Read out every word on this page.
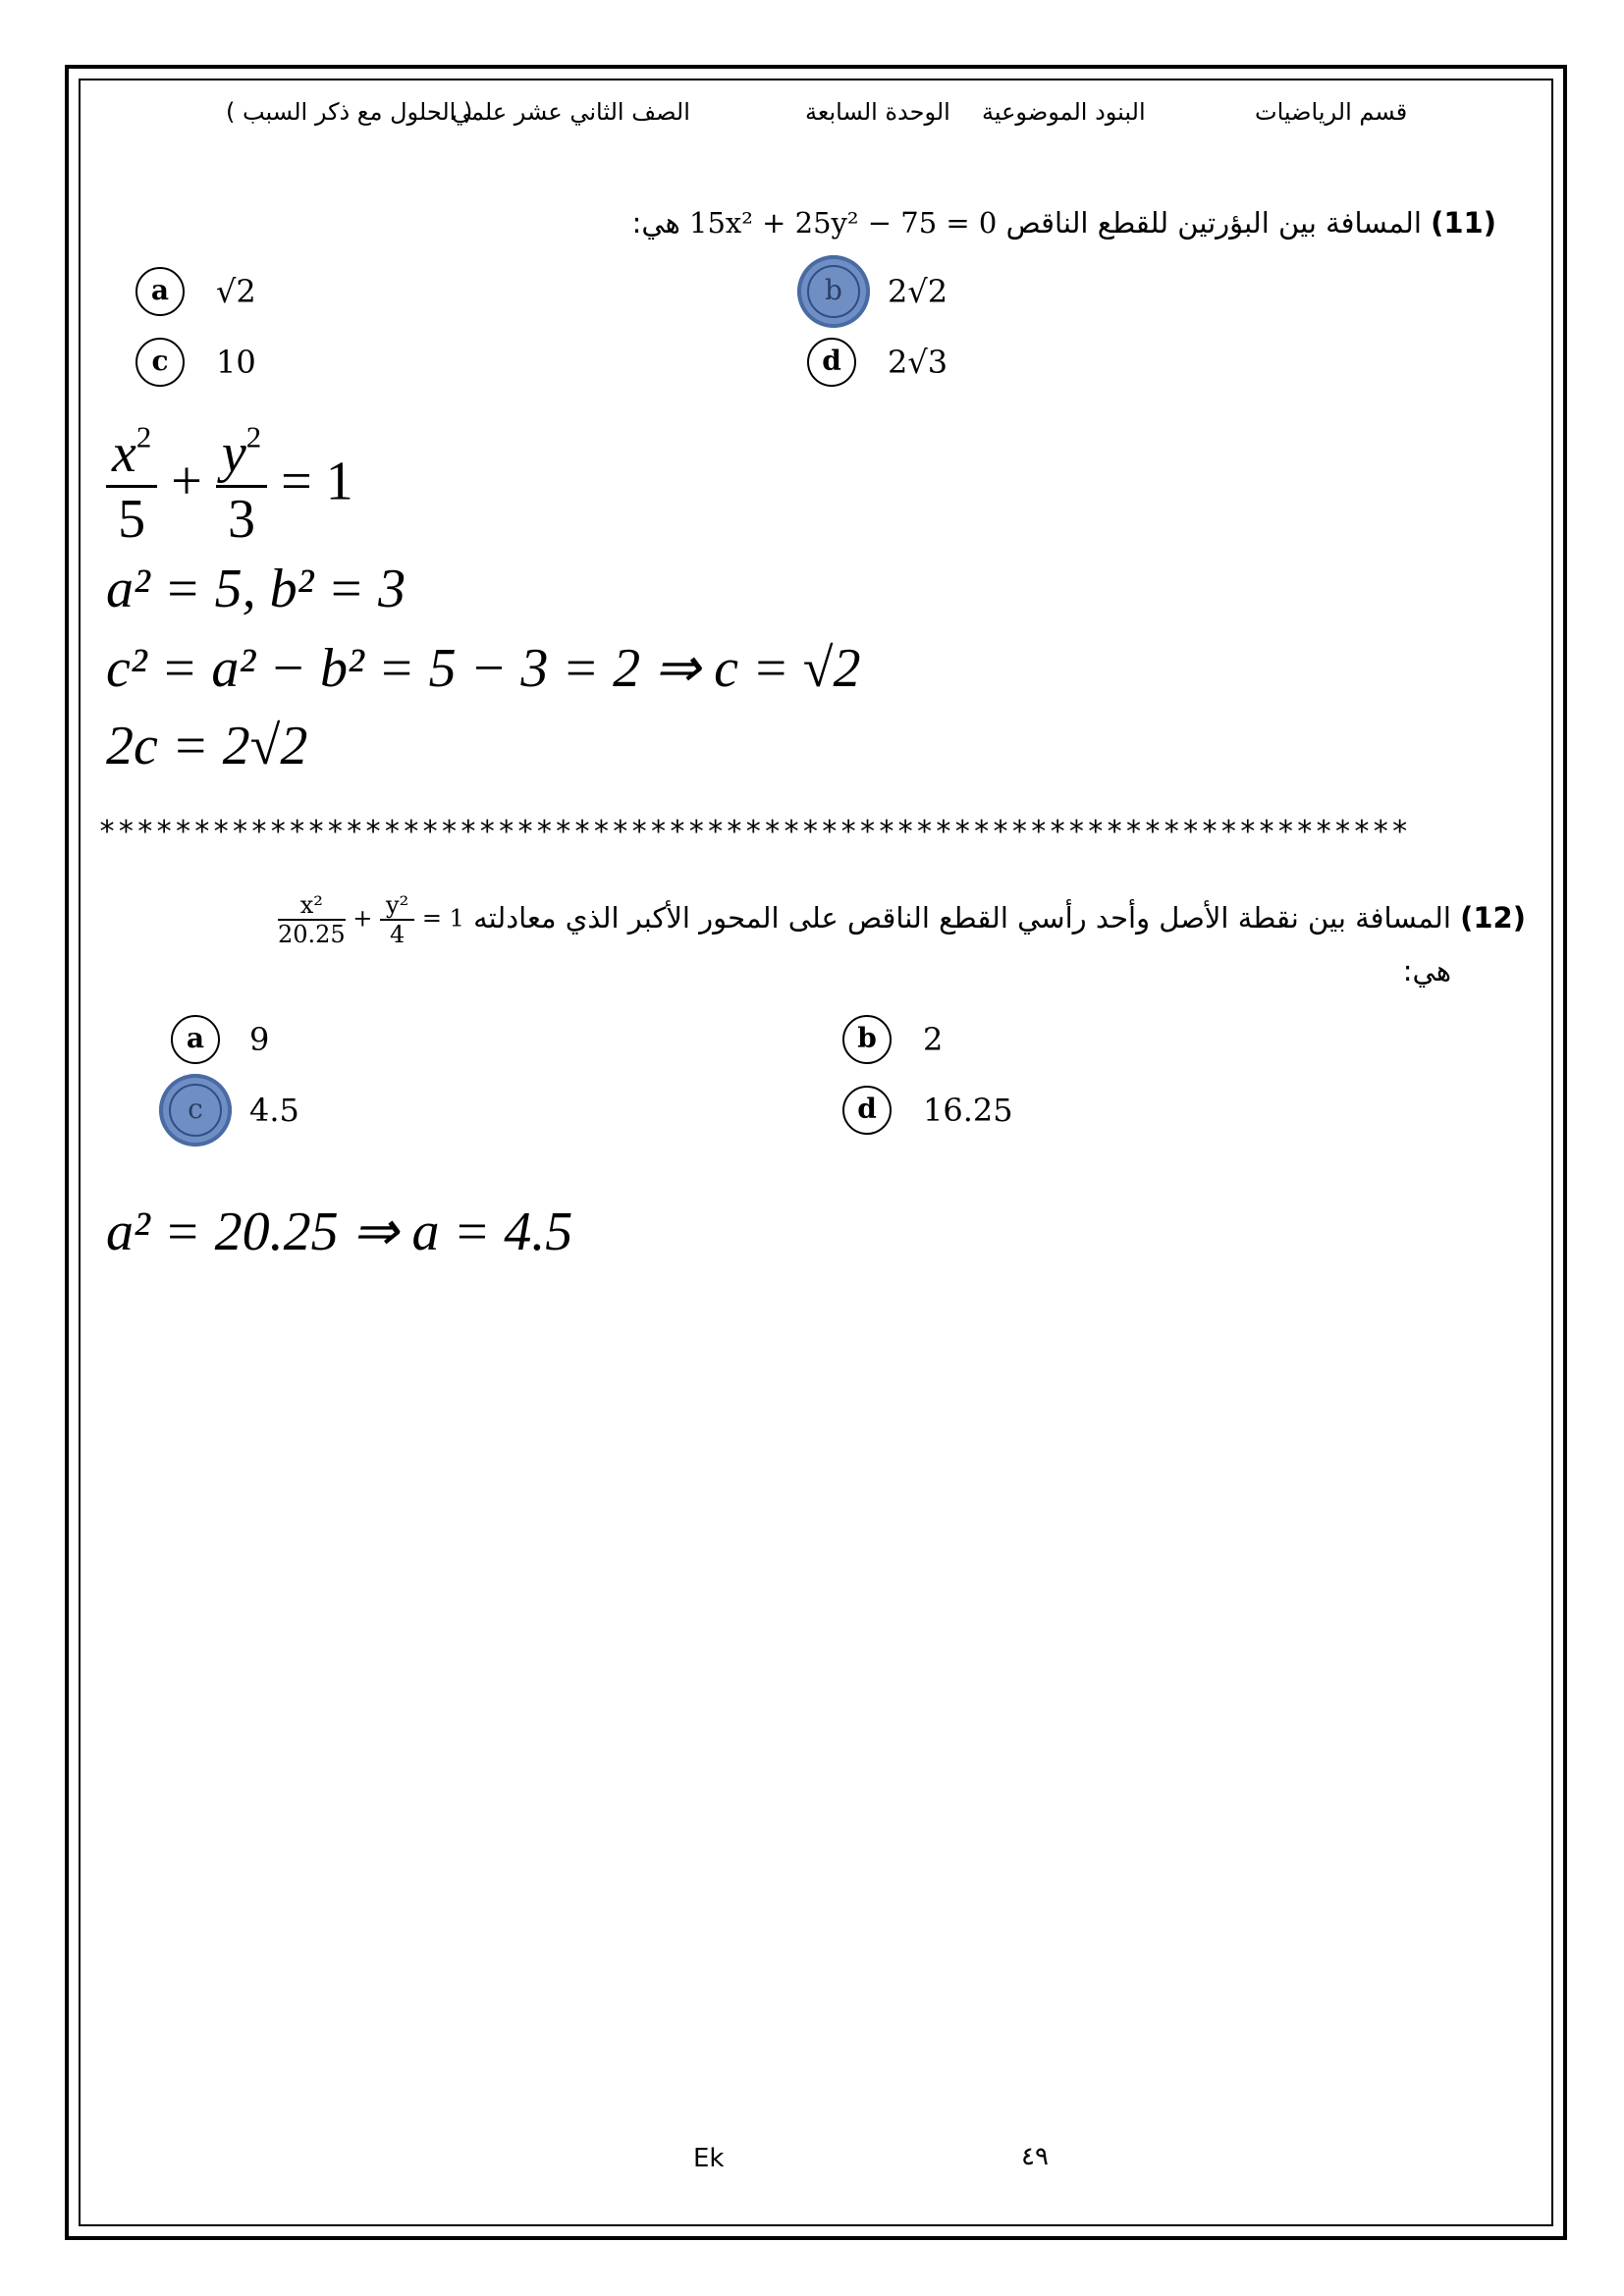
قسم الرياضيات
البنود الموضوعية
الوحدة السابعة
الصف الثاني عشر علمي
( الحلول مع ذكر السبب )
(11) المسافة بين البؤرتين للقطع الناقص 15x² + 25y² − 75 = 0 هي:
a	√2	b	2√2
c	10	d	2√3
$\frac{x^2}{5} + \frac{y^2}{3} = 1$
a² = 5, b² = 3
c² = a² − b² = 5 − 3 = 2 ⇒ c = √2
2c = 2√2
*********************************************************************
(12) المسافة بين نقطة الأصل وأحد رأسي القطع الناقص على المحور الأكبر الذي معادلته
$\frac{\text{x²}}{20.25} + \frac{\text{y²}}{4} = 1$
هي:
a	9	b	2
c	4.5	d	16.25
a² = 20.25 ⇒ a = 4.5
Ek	٤٩
